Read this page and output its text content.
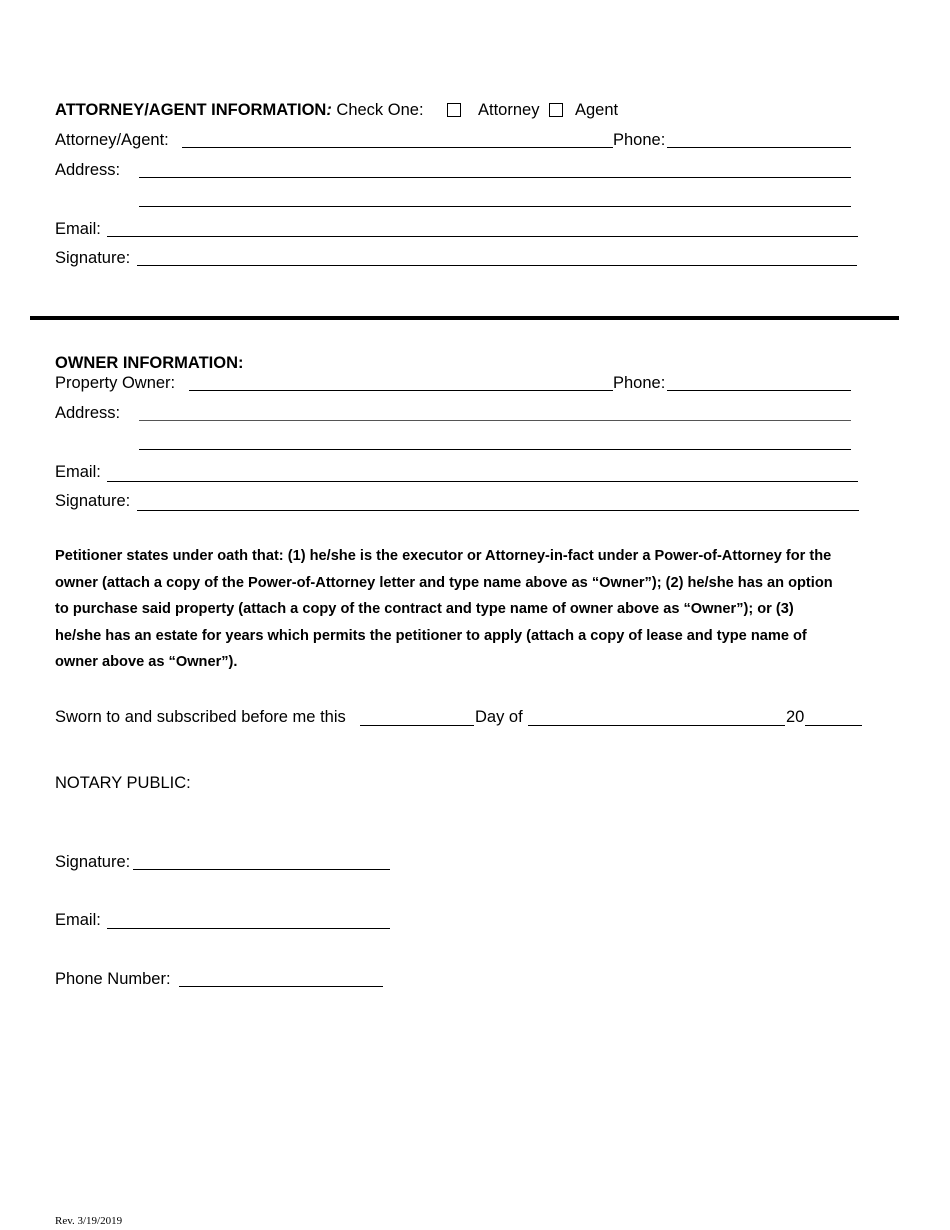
ATTORNEY/AGENT INFORMATION: Check One:	Attorney Agent
Attorney/Agent:	Phone:
Address:
Email:
Signature:
OWNER INFORMATION:
Property Owner:	Phone:
Address:
Email:
Signature:

Petitioner states under oath that: (1) he/she is the executor or Attorney-in-fact under a Power-of-Attorney for the

owner (attach a copy of the Power-of-Attorney letter and type name above as “Owner”); (2) he/she has an option

to purchase said property (attach a copy of the contract and type name of owner above as “Owner”); or (3)

he/she has an estate for years which permits the petitioner to apply (attach a copy of lease and type name of

owner above as “Owner”).

Sworn to and subscribed before me this	Day of	20
NOTARY PUBLIC:
Signature:
Email:
Phone Number:
Rev. 3/19/2019
